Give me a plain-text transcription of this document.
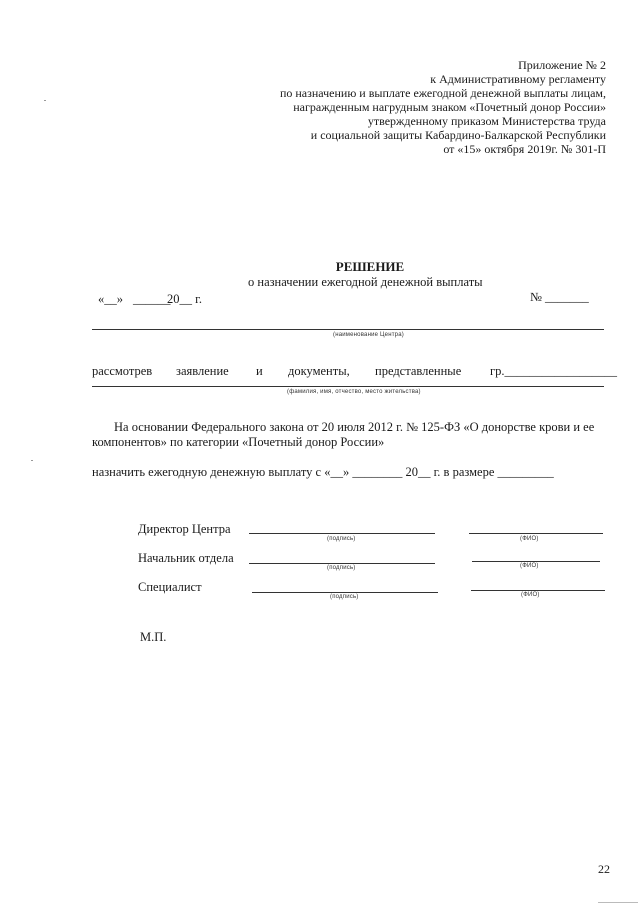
Приложение № 2
к Административному регламенту
по назначению и выплате ежегодной денежной выплаты лицам,
награжденным нагрудным знаком «Почетный донор России»
утвержденному приказом Министерства труда
и социальной защиты Кабардино-Балкарской Республики
от «15» октября 2019г. № 301-П
РЕШЕНИЕ
о назначении ежегодной денежной выплаты
«__» ______
20__ г.	№ _______
(наименование Центра)
рассмотрев заявление и документы, представленные гр.__________________
(фамилия, имя, отчество, место жительства)
На основании Федерального закона от 20 июля 2012 г. № 125-ФЗ «О донорстве крови и ее
компонентов» по категории «Почетный донор России»
назначить ежегодную денежную выплату с «__» ________ 20__ г. в размере _________
Директор Центра
(подпись)	(ФИО)
Начальник отдела
(подпись)	(ФИО)
Специалист
(подпись)	(ФИО)
М.П.
22
